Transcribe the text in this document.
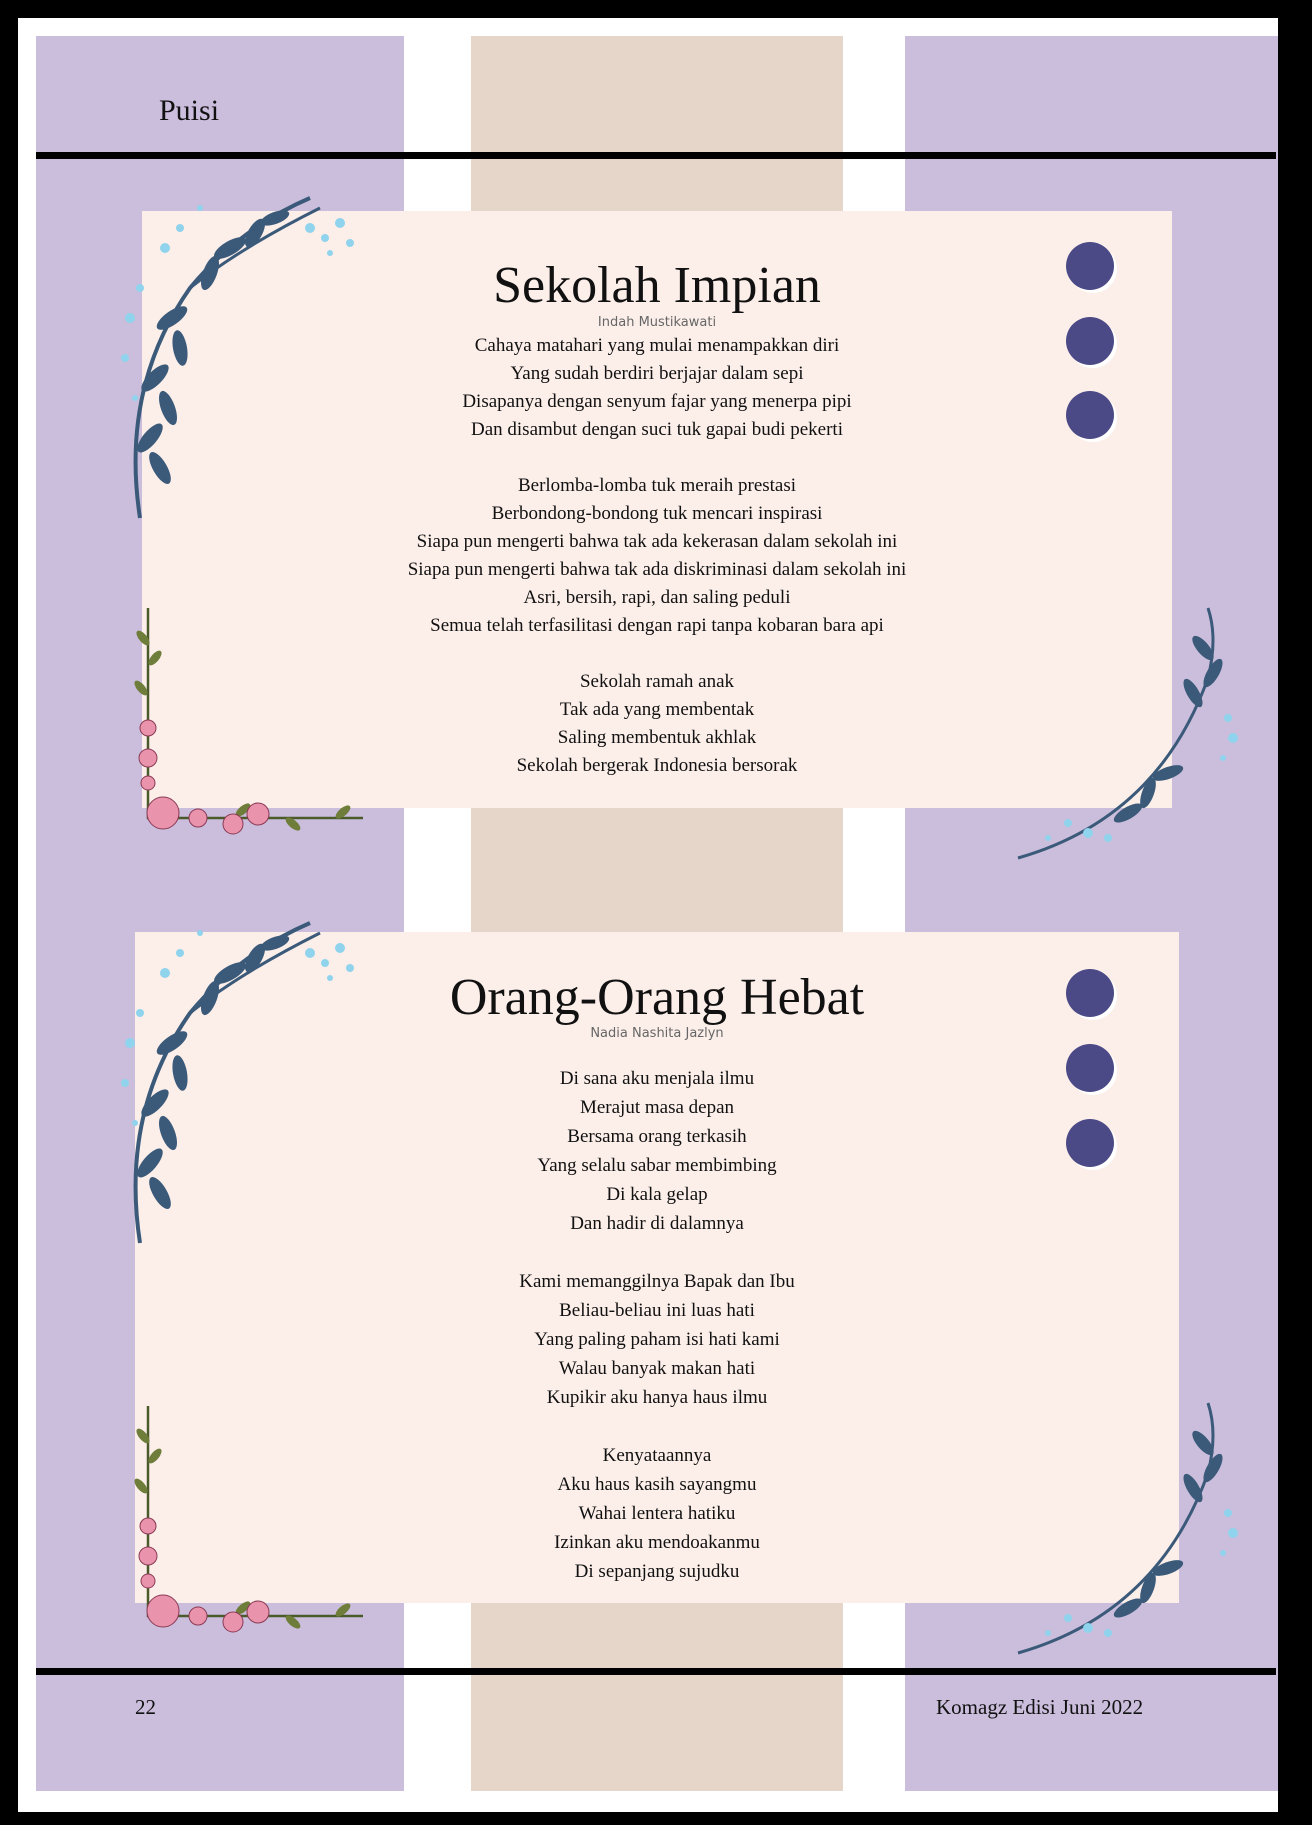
Puisi
Sekolah Impian
Indah Mustikawati
Cahaya matahari yang mulai menampakkan diri
Yang sudah berdiri berjajar dalam sepi
Disapanya dengan senyum fajar yang menerpa pipi
Dan disambut dengan suci tuk gapai budi pekerti
Berlomba-lomba tuk meraih prestasi
Berbondong-bondong tuk mencari inspirasi
Siapa pun mengerti bahwa tak ada kekerasan dalam sekolah ini
Siapa pun mengerti bahwa tak ada diskriminasi dalam sekolah ini
Asri, bersih, rapi, dan saling peduli
Semua telah terfasilitasi dengan rapi tanpa kobaran bara api
Sekolah ramah anak
Tak ada yang membentak
Saling membentuk akhlak
Sekolah bergerak Indonesia bersorak
Orang-Orang Hebat
Nadia Nashita Jazlyn
Di sana aku menjala ilmu
Merajut masa depan
Bersama orang terkasih
Yang selalu sabar membimbing
Di kala gelap
Dan hadir di dalamnya
Kami memanggilnya Bapak dan Ibu
Beliau-beliau ini luas hati
Yang paling paham isi hati kami
Walau banyak makan hati
Kupikir aku hanya haus ilmu
Kenyataannya
Aku haus kasih sayangmu
Wahai lentera hatiku
Izinkan aku mendoakanmu
Di sepanjang sujudku
22	Komagz Edisi Juni 2022
